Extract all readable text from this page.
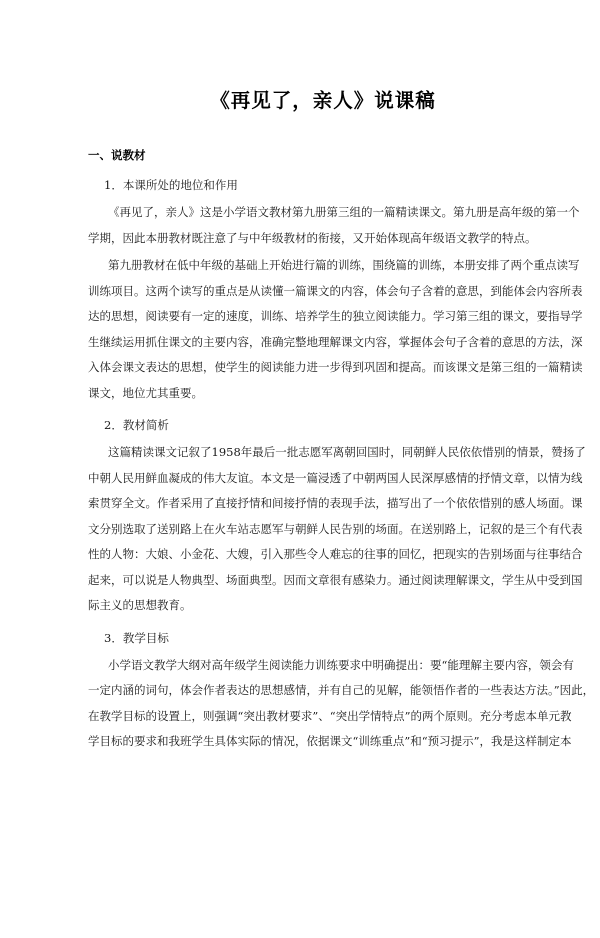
《再见了，亲人》说课稿
一、说教材
1．本课所处的地位和作用
《再见了，亲人》这是小学语文教材第九册第三组的一篇精读课文。第九册是高年级的第一个
学期，因此本册教材既注意了与中年级教材的衔接，又开始体现高年级语文教学的特点。
第九册教材在低中年级的基础上开始进行篇的训练，围绕篇的训练，本册安排了两个重点读写
训练项目。这两个读写的重点是从读懂一篇课文的内容，体会句子含着的意思，到能体会内容所表
达的思想，阅读要有一定的速度，训练、培养学生的独立阅读能力。学习第三组的课文，要指导学
生继续运用抓住课文的主要内容，准确完整地理解课文内容，掌握体会句子含着的意思的方法，深
入体会课文表达的思想，使学生的阅读能力进一步得到巩固和提高。而该课文是第三组的一篇精读
课文，地位尤其重要。
2．教材简析
这篇精读课文记叙了1958年最后一批志愿军离朝回国时，同朝鲜人民依依惜别的情景，赞扬了
中朝人民用鲜血凝成的伟大友谊。本文是一篇浸透了中朝两国人民深厚感情的抒情文章，以情为线
索贯穿全文。作者采用了直接抒情和间接抒情的表现手法，描写出了一个依依惜别的感人场面。课
文分别选取了送别路上在火车站志愿军与朝鲜人民告别的场面。在送别路上，记叙的是三个有代表
性的人物：大娘、小金花、大嫂，引入那些令人难忘的往事的回忆，把现实的告别场面与往事结合
起来，可以说是人物典型、场面典型。因而文章很有感染力。通过阅读理解课文，学生从中受到国
际主义的思想教育。
3．教学目标
小学语文教学大纲对高年级学生阅读能力训练要求中明确提出：要“能理解主要内容，领会有
一定内涵的词句，体会作者表达的思想感情，并有自己的见解，能领悟作者的一些表达方法。”因此，
在教学目标的设置上，则强调“突出教材要求”、“突出学情特点”的两个原则。充分考虑本单元教
学目标的要求和我班学生具体实际的情况，依据课文“训练重点”和“预习提示”，我是这样制定本
